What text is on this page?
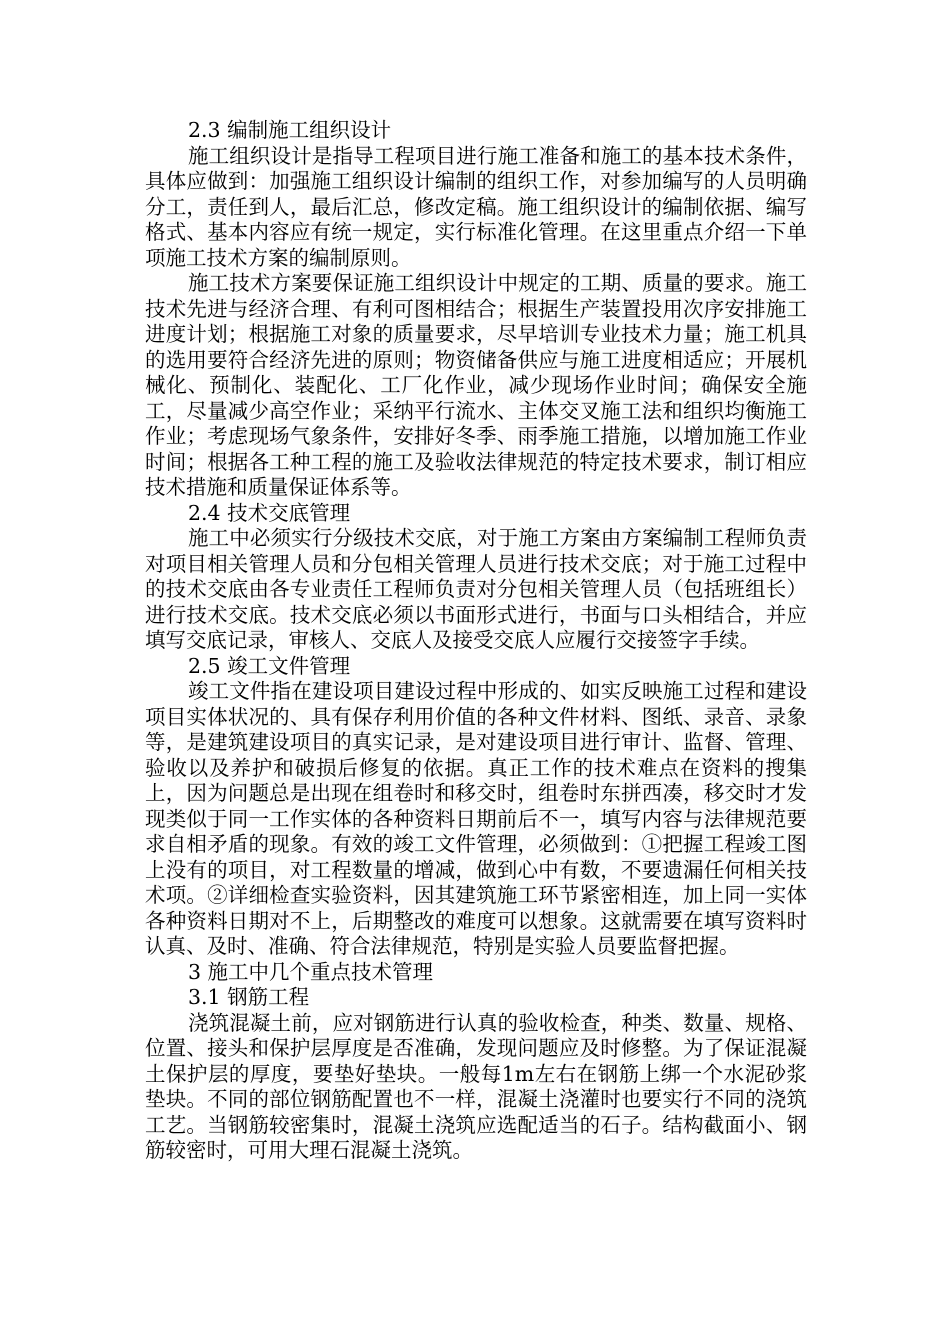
2.3 编制施工组织设计

施工组织设计是指导工程项目进行施工准备和施工的基本技术条件，具体应做到：加强施工组织设计编制的组织工作，对参加编写的人员明确分工，责任到人，最后汇总，修改定稿。施工组织设计的编制依据、编写格式、基本内容应有统一规定，实行标准化管理。在这里重点介绍一下单项施工技术方案的编制原则。

施工技术方案要保证施工组织设计中规定的工期、质量的要求。施工技术先进与经济合理、有利可图相结合；根据生产装置投用次序安排施工进度计划；根据施工对象的质量要求，尽早培训专业技术力量；施工机具的选用要符合经济先进的原则；物资储备供应与施工进度相适应；开展机械化、预制化、装配化、工厂化作业，减少现场作业时间；确保安全施工，尽量减少高空作业；采纳平行流水、主体交叉施工法和组织均衡施工作业；考虑现场气象条件，安排好冬季、雨季施工措施，以增加施工作业时间；根据各工种工程的施工及验收法律规范的特定技术要求，制订相应技术措施和质量保证体系等。

2.4 技术交底管理

施工中必须实行分级技术交底，对于施工方案由方案编制工程师负责对项目相关管理人员和分包相关管理人员进行技术交底；对于施工过程中的技术交底由各专业责任工程师负责对分包相关管理人员（包括班组长）进行技术交底。技术交底必须以书面形式进行，书面与口头相结合，并应填写交底记录，审核人、交底人及接受交底人应履行交接签字手续。

2.5 竣工文件管理

竣工文件指在建设项目建设过程中形成的、如实反映施工过程和建设项目实体状况的、具有保存利用价值的各种文件材料、图纸、录音、录象等，是建筑建设项目的真实记录，是对建设项目进行审计、监督、管理、验收以及养护和破损后修复的依据。真正工作的技术难点在资料的搜集上，因为问题总是出现在组卷时和移交时，组卷时东拼西凑，移交时才发现类似于同一工作实体的各种资料日期前后不一，填写内容与法律规范要求自相矛盾的现象。有效的竣工文件管理，必须做到：①把握工程竣工图上没有的项目，对工程数量的增减，做到心中有数，不要遗漏任何相关技术项。②详细检查实验资料，因其建筑施工环节紧密相连，加上同一实体各种资料日期对不上，后期整改的难度可以想象。这就需要在填写资料时认真、及时、准确、符合法律规范，特别是实验人员要监督把握。

3 施工中几个重点技术管理

3.1 钢筋工程

浇筑混凝土前，应对钢筋进行认真的验收检查，种类、数量、规格、位置、接头和保护层厚度是否准确，发现问题应及时修整。为了保证混凝土保护层的厚度，要垫好垫块。一般每1m左右在钢筋上绑一个水泥砂浆垫块。不同的部位钢筋配置也不一样，混凝土浇灌时也要实行不同的浇筑工艺。当钢筋较密集时，混凝土浇筑应选配适当的石子。结构截面小、钢筋较密时，可用大理石混凝土浇筑。
